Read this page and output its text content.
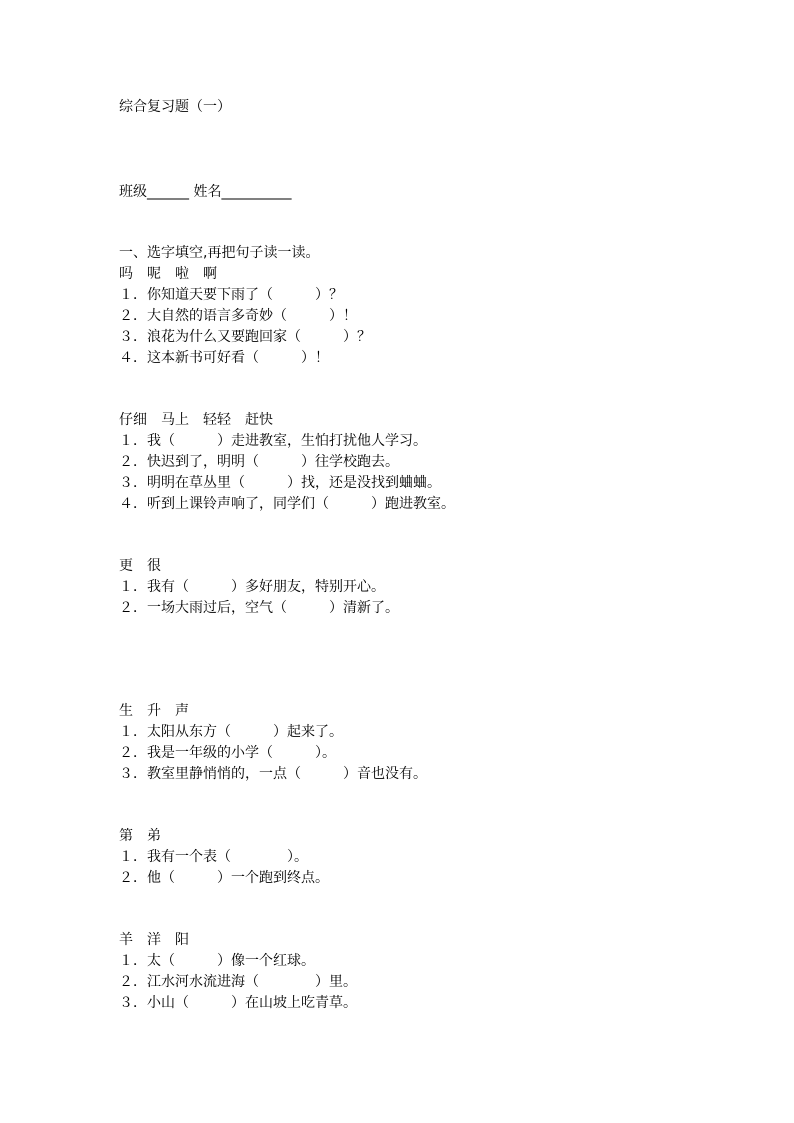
综合复习题（一）

班级______ 姓名__________

一、选字填空,再把句子读一读。

吗　呢　啦　啊

１．你知道天要下雨了（　　　）？

２．大自然的语言多奇妙（　　　）！

３．浪花为什么又要跑回家（　　　）？

４．这本新书可好看（　　　）！

仔细　马上　轻轻　赶快

１．我（　　　）走进教室，生怕打扰他人学习。

２．快迟到了，明明（　　　）往学校跑去。

３．明明在草丛里（　　　）找，还是没找到蛐蛐。

４．听到上课铃声响了，同学们（　　　）跑进教室。

更　很

１．我有（　　　）多好朋友，特别开心。

２．一场大雨过后，空气（　　　）清新了。

生　升　声

１．太阳从东方（　　　）起来了。

２．我是一年级的小学（　　　）。

３．教室里静悄悄的，一点（　　　）音也没有。

第　弟

１．我有一个表（　　　　）。

２．他（　　　）一个跑到终点。

羊　洋　阳

１．太（　　　）像一个红球。

２．江水河水流进海（　　　　）里。

３．小山（　　　）在山坡上吃青草。
